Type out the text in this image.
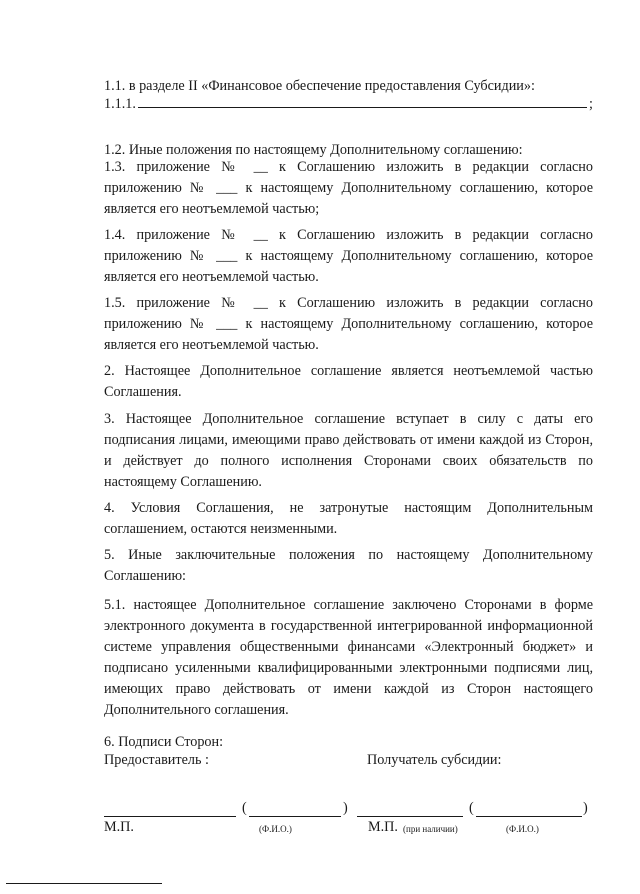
1.1. в разделе II «Финансовое обеспечение предоставления Субсидии»:

1.1.1.	;

1.2. Иные положения по настоящему Дополнительному соглашению:

1.3. приложение № __ к Соглашению изложить в редакции согласно приложению № ___ к настоящему Дополнительному соглашению, которое является его неотъемлемой частью;

1.4. приложение № __ к Соглашению изложить в редакции согласно приложению № ___ к настоящему Дополнительному соглашению, которое является его неотъемлемой частью.

1.5. приложение № __ к Соглашению изложить в редакции согласно приложению № ___ к настоящему Дополнительному соглашению, которое является его неотъемлемой частью.

2. Настоящее Дополнительное соглашение является неотъемлемой частью Соглашения.

3. Настоящее Дополнительное соглашение вступает в силу с даты его подписания лицами, имеющими право действовать от имени каждой из Сторон, и действует до полного исполнения Сторонами своих обязательств по настоящему Соглашению.

4. Условия Соглашения, не затронутые настоящим Дополнительным соглашением, остаются неизменными.

5. Иные заключительные положения по настоящему Дополнительному Соглашению:

5.1. настоящее Дополнительное соглашение заключено Сторонами в форме электронного документа в государственной интегрированной информационной системе управления общественными финансами «Электронный бюджет» и подписано усиленными квалифицированными электронными подписями лиц, имеющих право действовать от имени каждой из Сторон настоящего Дополнительного соглашения.

6. Подписи Сторон:

Предоставитель :	Получатель субсидии:
(	)	(	)
М.П.	(Ф.И.О.)	М.П. (при наличии)	(Ф.И.О.)
